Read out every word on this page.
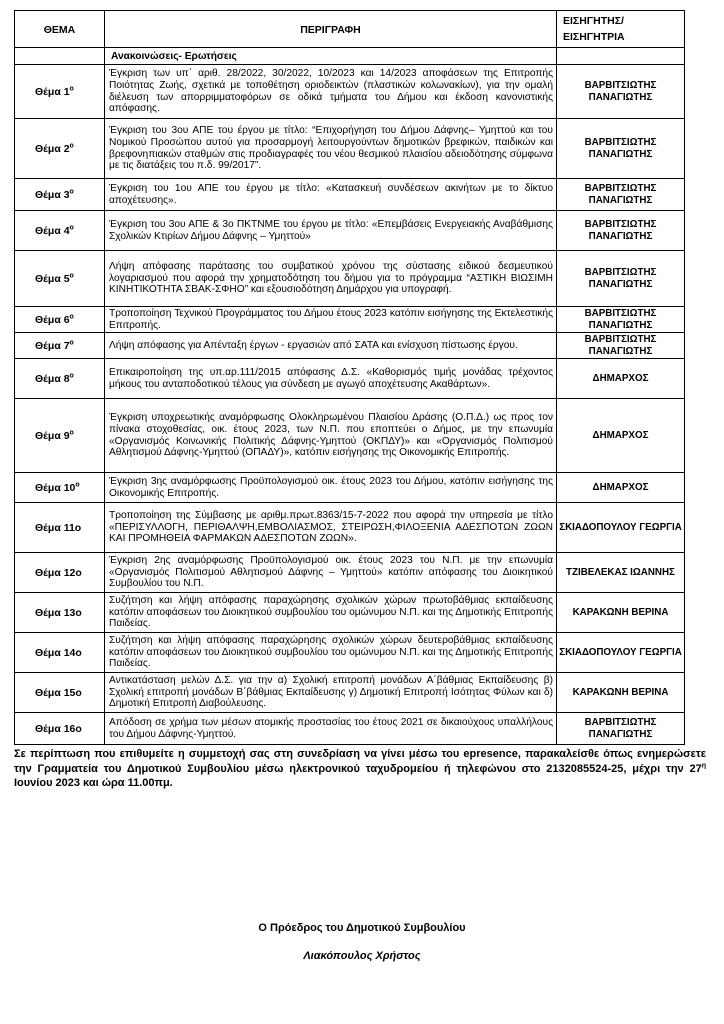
ΘΕΜΑ	ΠΕΡΙΓΡΑΦΗ	ΕΙΣΗΓΗΤΗΣ/
ΕΙΣΗΓΗΤΡΙΑ
	Ανακοινώσεις- Ερωτήσεις	
Θέμα $1^o$	Έγκριση των υπ΄ αριθ. 28/2022, 30/2022, 10/2023 και 14/2023 αποφάσεων της Επιτροπής Ποιότητας Ζωής, σχετικά με τοποθέτηση οριοδεικτών (πλαστικών κολωνακίων), για την ομαλή διέλευση των απορριμματοφόρων σε οδικά τμήματα του Δήμου και έκδοση κανονιστικής απόφασης.	ΒΑΡΒΙΤΣΙΩΤΗΣ ΠΑΝΑΓΙΩΤΗΣ
Θέμα $2^o$	Έγκριση του 3ου ΑΠΕ του έργου με τίτλο: “Επιχορήγηση του Δήμου Δάφνης– Υμηττού και του Νομικού Προσώπου αυτού για προσαρμογή λειτουργούντων δημοτικών βρεφικών, παιδικών και βρεφονηπιακών σταθμών στις προδιαγραφές του νέου θεσμικού πλαισίου αδειοδότησης σύμφωνα με τις διατάξεις του π.δ. 99/2017”.	ΒΑΡΒΙΤΣΙΩΤΗΣ ΠΑΝΑΓΙΩΤΗΣ
Θέμα $3^o$	Έγκριση του 1ου ΑΠΕ του έργου με τίτλο: «Κατασκευή συνδέσεων ακινήτων με το δίκτυο αποχέτευσης».	ΒΑΡΒΙΤΣΙΩΤΗΣ ΠΑΝΑΓΙΩΤΗΣ
Θέμα $4^o$	Έγκριση του 3ου ΑΠΕ & 3ο ΠΚΤΝΜΕ του έργου με τίτλο: «Επεμβάσεις Ενεργειακής Αναβάθμισης Σχολικών Κτιρίων Δήμου Δάφνης – Υμηττού»	ΒΑΡΒΙΤΣΙΩΤΗΣ ΠΑΝΑΓΙΩΤΗΣ
Θέμα $5^o$	Λήψη απόφασης παράτασης του συμβατικού χρόνου της σύστασης ειδικού δεσμευτικού λογαριασμού που αφορά την χρηματοδότηση του δήμου για το πρόγραμμα “ΑΣΤΙΚΗ ΒΙΩΣΙΜΗ ΚΙΝΗΤΙΚΟΤΗΤΑ ΣΒΑΚ-ΣΦΗΟ” και εξουσιοδότηση Δημάρχου για υπογραφή.	ΒΑΡΒΙΤΣΙΩΤΗΣ ΠΑΝΑΓΙΩΤΗΣ
Θέμα $6^o$	Τροποποίηση Τεχνικού Προγράμματος του Δήμου έτους 2023 κατόπιν εισήγησης της Εκτελεστικής Επιτροπής.	ΒΑΡΒΙΤΣΙΩΤΗΣ ΠΑΝΑΓΙΩΤΗΣ
Θέμα $7^o$	Λήψη απόφασης για Απένταξη έργων - εργασιών από ΣΑΤΑ και ενίσχυση πίστωσης έργου.	ΒΑΡΒΙΤΣΙΩΤΗΣ ΠΑΝΑΓΙΩΤΗΣ
Θέμα $8^o$	Επικαιροποίηση της υπ.αρ.111/2015 απόφασης Δ.Σ. «Καθορισμός τιμής μονάδας τρέχοντος μήκους του ανταποδοτικού τέλους για σύνδεση με αγωγό αποχέτευσης Ακαθάρτων».	ΔΗΜΑΡΧΟΣ
Θέμα $9^o$	Έγκριση υποχρεωτικής αναμόρφωσης Ολοκληρωμένου Πλαισίου Δράσης (Ο.Π.Δ.) ως προς τον πίνακα στοχοθεσίας, οικ. έτους 2023, των Ν.Π. που εποπτεύει ο Δήμος, με την επωνυμία «Οργανισμός Κοινωνικής Πολιτικής Δάφνης-Υμηττού (ΟΚΠΔΥ)» και «Οργανισμός Πολιτισμού Αθλητισμού Δάφνης-Υμηττού (ΟΠΑΔΥ)», κατόπιν εισήγησης της Οικονομικής Επιτροπής.	ΔΗΜΑΡΧΟΣ
Θέμα $10^o$	Έγκριση 3ης αναμόρφωσης Προϋπολογισμού οικ. έτους 2023 του Δήμου, κατόπιν εισήγησης της Οικονομικής Επιτροπής.	ΔΗΜΑΡΧΟΣ
Θέμα 11ο	Τροποποίηση της Σύμβασης με αριθμ.πρωτ.8363/15-7-2022 που αφορά την υπηρεσία με τίτλο «ΠΕΡΙΣΥΛΛΟΓΗ, ΠΕΡΙΘΑΛΨΗ,ΕΜΒΟΛΙΑΣΜΟΣ, ΣΤΕΙΡΩΣΗ,ΦΙΛΟΞΕΝΙΑ ΑΔΕΣΠΟΤΩΝ ΖΩΩΝ ΚΑΙ ΠΡΟΜΗΘΕΙΑ ΦΑΡΜΑΚΩΝ ΑΔΕΣΠΟΤΩΝ ΖΩΩΝ».	ΣΚΙΑΔΟΠΟΥΛΟΥ ΓΕΩΡΓΙΑ
Θέμα 12ο	Έγκριση 2ης αναμόρφωσης Προϋπολογισμού οικ. έτους 2023 του Ν.Π. με την επωνυμία «Οργανισμός Πολιτισμού Αθλητισμού Δάφνης – Υμηττού» κατόπιν απόφασης του Διοικητικού Συμβουλίου του Ν.Π.	ΤΖΙΒΕΛΕΚΑΣ ΙΩΑΝΝΗΣ
Θέμα 13ο	Συζήτηση και λήψη απόφασης παραχώρησης σχολικών χώρων πρωτοβάθμιας εκπαίδευσης κατόπιν αποφάσεων του Διοικητικού συμβουλίου του ομώνυμου Ν.Π. και της Δημοτικής Επιτροπής Παιδείας.	ΚΑΡΑΚΩΝΗ ΒΕΡΙΝΑ
Θέμα 14ο	Συζήτηση και λήψη απόφασης παραχώρησης σχολικών χώρων δευτεροβάθμιας εκπαίδευσης κατόπιν αποφάσεων του Διοικητικού συμβουλίου του ομώνυμου Ν.Π. και της Δημοτικής Επιτροπής Παιδείας.	ΣΚΙΑΔΟΠΟΥΛΟΥ ΓΕΩΡΓΙΑ
Θέμα 15ο	Αντικατάσταση μελών Δ.Σ. για την α) Σχολική επιτροπή μονάδων Α΄βάθμιας Εκπαίδευσης β) Σχολική επιτροπή μονάδων Β΄βάθμιας Εκπαίδευσης γ) Δημοτική Επιτροπή Ισότητας Φύλων και δ) Δημοτική Επιτροπή Διαβούλευσης.	ΚΑΡΑΚΩΝΗ ΒΕΡΙΝΑ
Θέμα 16ο	Απόδοση σε χρήμα των μέσων ατομικής προστασίας του έτους 2021 σε δικαιούχους υπαλλήλους του Δήμου Δάφνης-Υμηττού.	ΒΑΡΒΙΤΣΙΩΤΗΣ ΠΑΝΑΓΙΩΤΗΣ
Σε περίπτωση που επιθυμείτε η συμμετοχή σας στη συνεδρίαση να γίνει μέσω του epresence, παρακαλείσθε όπως ενημερώσετε την Γραμματεία του Δημοτικού Συμβουλίου μέσω ηλεκτρονικού ταχυδρομείου ή τηλεφώνου στο 2132085524-25, μέχρι την $27^\eta$ Ιουνίου 2023 και ώρα 11.00πμ.
Ο Πρόεδρος του Δημοτικού Συμβουλίου
Λιακόπουλος Χρήστος
